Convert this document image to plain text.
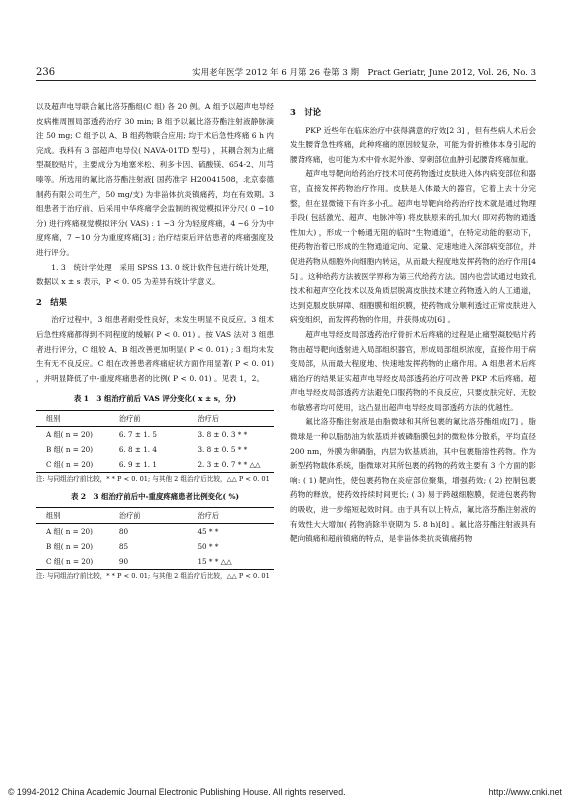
236	实用老年医学 2012 年 6 月第 26 卷第 3 期　Pract Geriatr, June 2012, Vol. 26, No. 3

以及超声电导联合氟比洛芬酯组(C 组) 各 20 例。A 组予以超声电导经皮病椎周围局部透药治疗 30 min; B 组予以氟比洛芬酯注射液静脉滴注 50 mg; C 组予以 A、B 组药物联合应用; 均于术后急性疼痛 6 h 内完成。我科有 3 部超声电导仪( NAVA-01TD 型号) ，其耦合剂为止痛型凝胶贴片，主要成分为地塞米松、利多卡因、硫酸镁、654-2、川芎嗪等。所选用的氟比洛芬酯注射液[ 国药准字 H20041508，北京泰德制药有限公司生产，50 mg/支) 为非甾体抗炎镇痛药，均在有效期。3 组患者于治疗前、后采用中华疼痛学会监制的视觉模拟评分尺( 0 ~10 分) 进行疼痛视觉模拟评分( VAS) : 1 ~3 分为轻度疼痛，4 ~6 分为中度疼痛，7 ~10 分为重度疼痛[3] ; 治疗结束后评估患者的疼痛强度及进行评分。

1. 3　统计学处理　采用 SPSS 13. 0 统计软件包进行统计处理，数据以 x ± s 表示，P < 0. 05 为差异有统计学意义。

2　结果

治疗过程中，3 组患者耐受性良好，未发生明显不良反应。3 组术后急性疼痛都得到不同程度的缓解( P < 0. 01) 。按 VAS 法对 3 组患者进行评分，C 组较 A、B 组改善更加明显( P < 0. 01) ; 3 组均未发生有无不良反应。C 组在改善患者疼痛症状方面作用显著( P < 0. 01) ，并明显降低了中-重度疼痛患者的比例( P < 0. 01) 。见表 1，2。

表 1　3 组治疗前后 VAS 评分变化( x ± s，分)
组别	治疗前	治疗后
A 组( n = 20)	6. 7 ± 1. 5	3. 8 ± 0. 3 * *
B 组( n = 20)	6. 8 ± 1. 4	3. 8 ± 0. 5 * *
C 组( n = 20)	6. 9 ± 1. 1	2. 3 ± 0. 7 * * △△
注: 与同组治疗前比较，* * P < 0. 01; 与其他 2 组治疗后比较，△△ P < 0. 01
表 2　3 组治疗前后中-重度疼痛患者比例变化( %)
组别	治疗前	治疗后
A 组( n = 20)	80	45 * *
B 组( n = 20)	85	50 * *
C 组( n = 20)	90	15 * * △△
注: 与同组治疗前比较，* * P < 0. 01; 与其他 2 组治疗后比较，△△ P < 0. 01

3　讨论

PKP 近些年在临床治疗中获得满意的疗效[2 3] ，但有些病人术后会发生腰背急性疼痛，此种疼痛的原因较复杂，可能为骨折椎体本身引起的腰背疼痛，也可能为术中骨水泥外渗、穿刺部位血肿引起腰背疼痛加重。

超声电导靶向给药治疗技术可使药物透过皮肤进入体内病变部位和器官，直接发挥药物治疗作用。皮肤是人体最大的器官，它着上去十分完整，但在显微镜下有许多小孔。超声电导靶向给药治疗技术就是通过物理手段( 包括激光、超声、电脉冲等) 将皮肤原来的孔加大( 即对药物的通透性加大) ，形成一个畅通无阻的临时“生物通道”，在特定动能的驱动下，使药物治着已形成的生物通道定向、定量、定速地进入深部病变部位，并促进药物从细胞外向细胞内转运，从而最大程度地发挥药物的治疗作用[4 5] 。这种给药方法被医学界称为第三代给药方法。国内也尝试通过电致孔技术和超声空化技术以及角质层脱离皮肤技术建立药物透入的人工通道，达到克服皮肤屏障、细胞膜和组织膜，使药物成分顺利透过正常皮肤进入病变组织，而发挥药物的作用，并获得成功[6] 。

超声电导经皮局部透药治疗骨折术后疼痛的过程是止痛型凝胶贴片药物由超导靶向透射进入局部组织器官，形成局部组织浓度，直接作用于病变局部，从而最大程度地、快速地发挥药物的止痛作用。A 组患者术后疼痛治疗的结果证实超声电导经皮局部透药治疗可改善 PKP 术后疼痛。超声电导经皮局部透药方法避免口服药物的不良反应，只要皮肤完好、无胶布敏感者均可使用，这凸显出超声电导经皮局部透药方法的优越性。

氟比洛芬酯注射液是由脂微球和其所包裹的氟比洛芬酯组成[7] 。脂微球是一种以脂肪油为软基质并被磷脂膜包封的微粒体分散系，平均直径 200 nm，外膜为卵磷脂，内层为软基质油，其中包裹脂溶性药物。作为新型药物载体系统，脂微球对其所包裹的药物的药效主要有 3 个方面的影响: ( 1) 靶向性，使包裹药物在炎症部位聚集，增强药效; ( 2) 控制包裹药物的释放，使药效持续时间更长; ( 3) 易于跨越细胞膜，促进包裹药物的吸收，进一步缩短起效时间。由于具有以上特点，氟比洛芬酯注射液的有效性大大增加( 药物消除半衰期为 5. 8 h)[8] 。氟比洛芬酯注射液具有靶向镇痛和超前镇痛的特点，是非甾体类抗炎镇痛药物

© 1994-2012 China Academic Journal Electronic Publishing House. All rights reserved.	http://www.cnki.net
